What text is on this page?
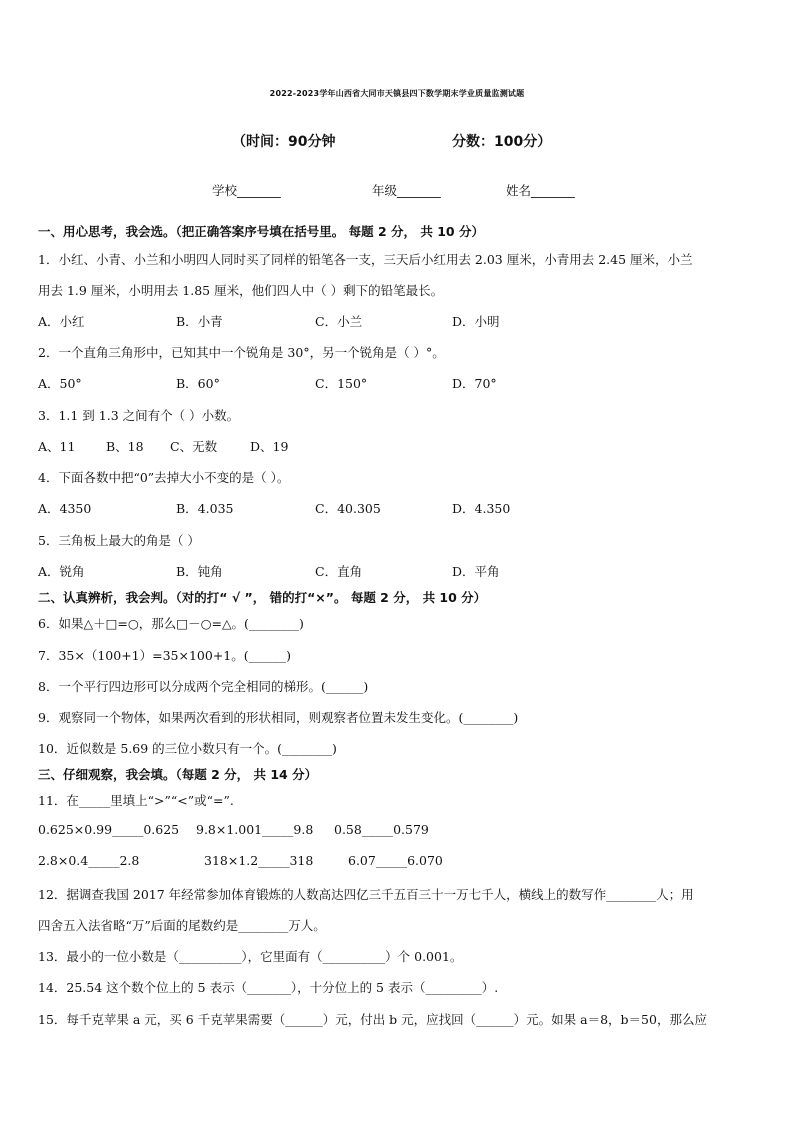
2022-2023学年山西省大同市天镇县四下数学期末学业质量监测试题
（时间：90分钟	分数：100分）
学校_______	年级_______	姓名_______
一、用心思考，我会选。（把正确答案序号填在括号里。 每题 2 分， 共 10 分）
1．小红、小青、小兰和小明四人同时买了同样的铅笔各一支，三天后小红用去 2.03 厘米，小青用去 2.45 厘米，小兰
用去 1.9 厘米，小明用去 1.85 厘米，他们四人中（ ）剩下的铅笔最长。
A．小红	B．小青	C．小兰	D．小明
2．一个直角三角形中，已知其中一个锐角是 30°，另一个锐角是（ ）°。
A．50°	B．60°	C．150°	D．70°
3．1.1 到 1.3 之间有个（ ）小数。
A、11 B、18 C、无数	D、19
4．下面各数中把“0”去掉大小不变的是（ ）。
A．4350	B．4.035	C．40.305	D．4.350
5．三角板上最大的角是（ ）
A．锐角	B．钝角	C．直角	D．平角
二、认真辨析，我会判。（对的打“ √ ”， 错的打“×”。 每题 2 分， 共 10 分）
6．如果△＋□=○，那么□－○=△。(________)
7．35×（100+1）=35×100+1。(______)
8．一个平行四边形可以分成两个完全相同的梯形。(______)
9．观察同一个物体，如果两次看到的形状相同，则观察者位置未发生变化。(________)
10．近似数是 5.69 的三位小数只有一个。(________)
三、仔细观察，我会填。（每题 2 分， 共 14 分）
11．在_____里填上“>”“<”或“=”.
0.625×0.99_____0.625 9.8×1.001_____9.8 0.58_____0.579
2.8×0.4_____2.8	318×1.2_____318	6.07_____6.070
12．据调查我国 2017 年经常参加体育锻炼的人数高达四亿三千五百三十一万七千人，横线上的数写作________人；用
四舍五入法省略“万”后面的尾数约是________万人。
13．最小的一位小数是（__________），它里面有（__________）个 0.001。
14．25.54 这个数个位上的 5 表示（_______），十分位上的 5 表示（_________）.
15．每千克苹果 a 元，买 6 千克苹果需要（______）元，付出 b 元，应找回（______）元。如果 a＝8，b＝50，那么应
